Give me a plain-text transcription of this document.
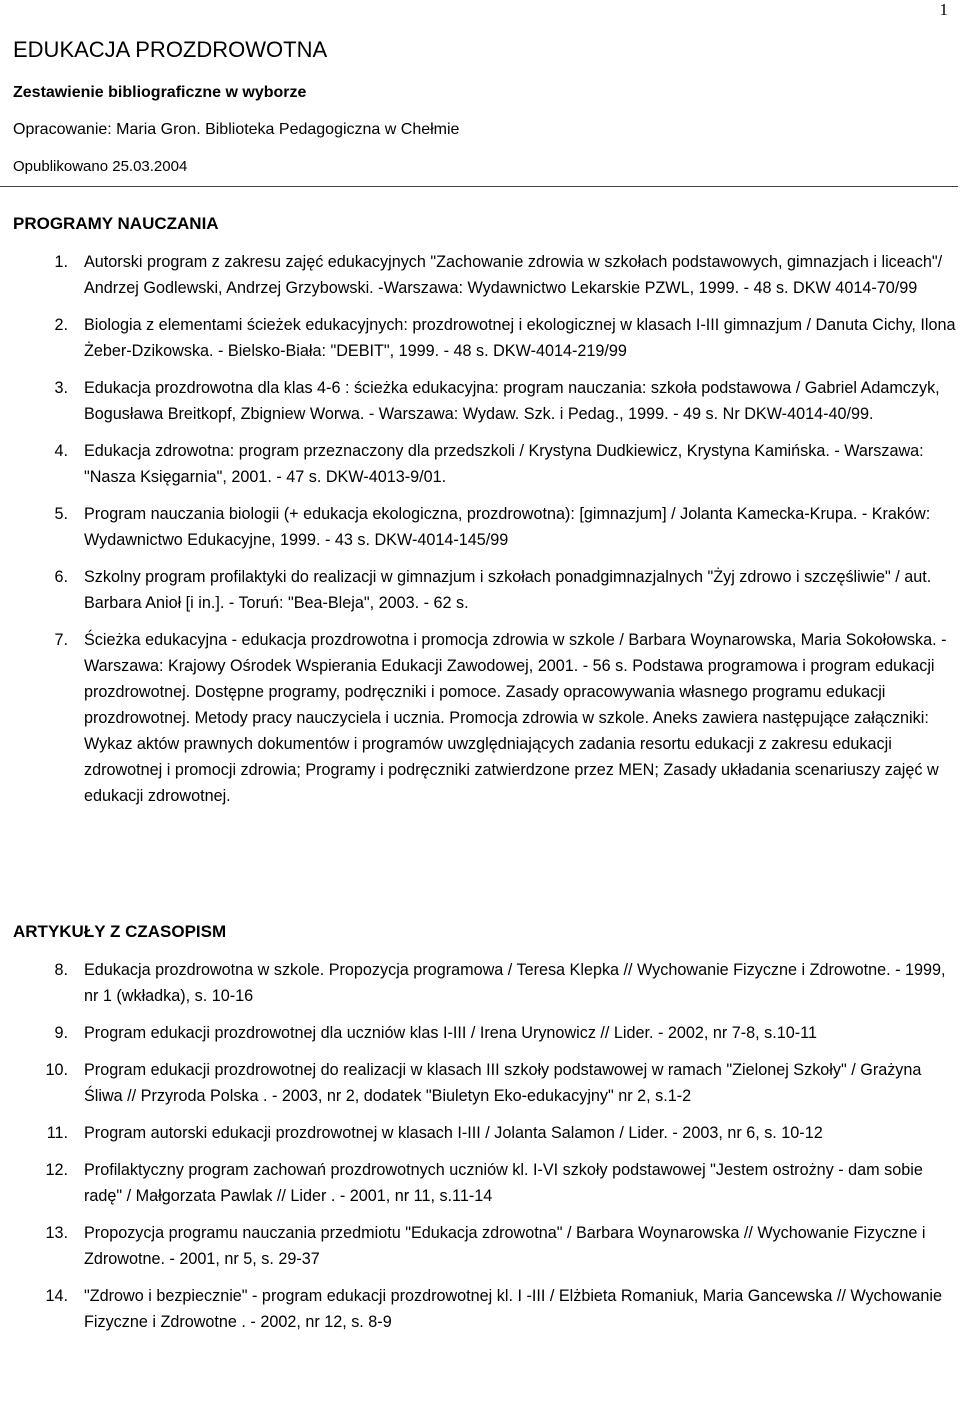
1
EDUKACJA PROZDROWOTNA
Zestawienie bibliograficzne w wyborze
Opracowanie: Maria Gron. Biblioteka Pedagogiczna w Chełmie
Opublikowano 25.03.2004
PROGRAMY NAUCZANIA
1. Autorski program z zakresu zajęć edukacyjnych "Zachowanie zdrowia w szkołach podstawowych, gimnazjach i liceach"/ Andrzej Godlewski, Andrzej Grzybowski. -Warszawa: Wydawnictwo Lekarskie PZWL, 1999. - 48 s. DKW 4014-70/99
2. Biologia z elementami ścieżek edukacyjnych: prozdrowotnej i ekologicznej w klasach I-III gimnazjum / Danuta Cichy, Ilona Żeber-Dzikowska. - Bielsko-Biała: "DEBIT", 1999. - 48 s. DKW-4014-219/99
3. Edukacja prozdrowotna dla klas 4-6 : ścieżka edukacyjna: program nauczania: szkoła podstawowa / Gabriel Adamczyk, Bogusława Breitkopf, Zbigniew Worwa. - Warszawa: Wydaw. Szk. i Pedag., 1999. - 49 s. Nr DKW-4014-40/99.
4. Edukacja zdrowotna: program przeznaczony dla przedszkoli / Krystyna Dudkiewicz, Krystyna Kamińska. - Warszawa: "Nasza Księgarnia", 2001. - 47 s. DKW-4013-9/01.
5. Program nauczania biologii (+ edukacja ekologiczna, prozdrowotna): [gimnazjum] / Jolanta Kamecka-Krupa. - Kraków: Wydawnictwo Edukacyjne, 1999. - 43 s. DKW-4014-145/99
6. Szkolny program profilaktyki do realizacji w gimnazjum i szkołach ponadgimnazjalnych "Żyj zdrowo i szczęśliwie" / aut. Barbara Anioł [i in.]. - Toruń: "Bea-Bleja", 2003. - 62 s.
7. Ścieżka edukacyjna - edukacja prozdrowotna i promocja zdrowia w szkole / Barbara Woynarowska, Maria Sokołowska. - Warszawa: Krajowy Ośrodek Wspierania Edukacji Zawodowej, 2001. - 56 s. Podstawa programowa i program edukacji prozdrowotnej. Dostępne programy, podręczniki i pomoce. Zasady opracowywania własnego programu edukacji prozdrowotnej. Metody pracy nauczyciela i ucznia. Promocja zdrowia w szkole. Aneks zawiera następujące załączniki: Wykaz aktów prawnych dokumentów i programów uwzględniających zadania resortu edukacji z zakresu edukacji zdrowotnej i promocji zdrowia; Programy i podręczniki zatwierdzone przez MEN; Zasady układania scenariuszy zajęć w edukacji zdrowotnej.
ARTYKUŁY Z CZASOPISM
8. Edukacja prozdrowotna w szkole. Propozycja programowa / Teresa Klepka // Wychowanie Fizyczne i Zdrowotne. - 1999, nr 1 (wkładka), s. 10-16
9. Program edukacji prozdrowotnej dla uczniów klas I-III / Irena Urynowicz // Lider. - 2002, nr 7-8, s.10-11
10. Program edukacji prozdrowotnej do realizacji w klasach III szkoły podstawowej w ramach "Zielonej Szkoły" / Grażyna Śliwa // Przyroda Polska . - 2003, nr 2, dodatek "Biuletyn Eko-edukacyjny" nr 2, s.1-2
11. Program autorski edukacji prozdrowotnej w klasach I-III / Jolanta Salamon / Lider. - 2003, nr 6, s. 10-12
12. Profilaktyczny program zachowań prozdrowotnych uczniów kl. I-VI szkoły podstawowej "Jestem ostrożny - dam sobie radę" / Małgorzata Pawlak // Lider . - 2001, nr 11, s.11-14
13. Propozycja programu nauczania przedmiotu "Edukacja zdrowotna" / Barbara Woynarowska // Wychowanie Fizyczne i Zdrowotne. - 2001, nr 5, s. 29-37
14. "Zdrowo i bezpiecznie" - program edukacji prozdrowotnej kl. I -III / Elżbieta Romaniuk, Maria Gancewska // Wychowanie Fizyczne i Zdrowotne . - 2002, nr 12, s. 8-9
